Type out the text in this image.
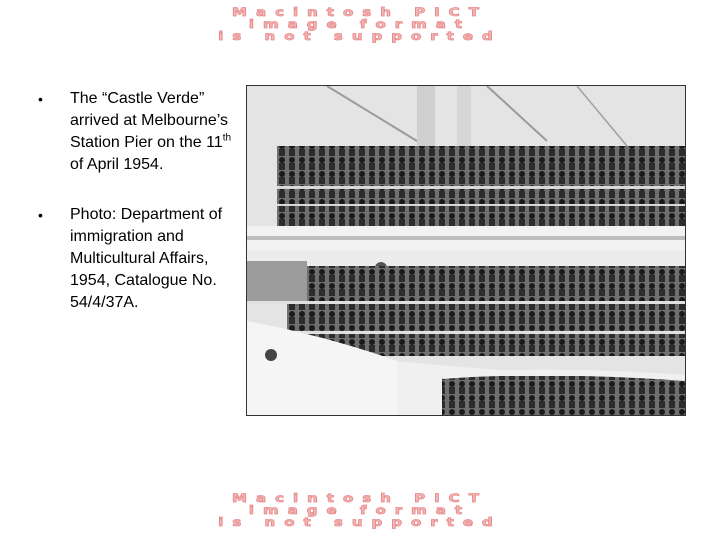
Macintosh PICT
image format
is not supported
• The “Castle Verde” arrived at Melbourne’s Station Pier on the 11th of April 1954.
• Photo: Department of immigration and Multicultural Affairs, 1954, Catalogue No. 54/4/37A.
Macintosh PICT
image format
is not supported
